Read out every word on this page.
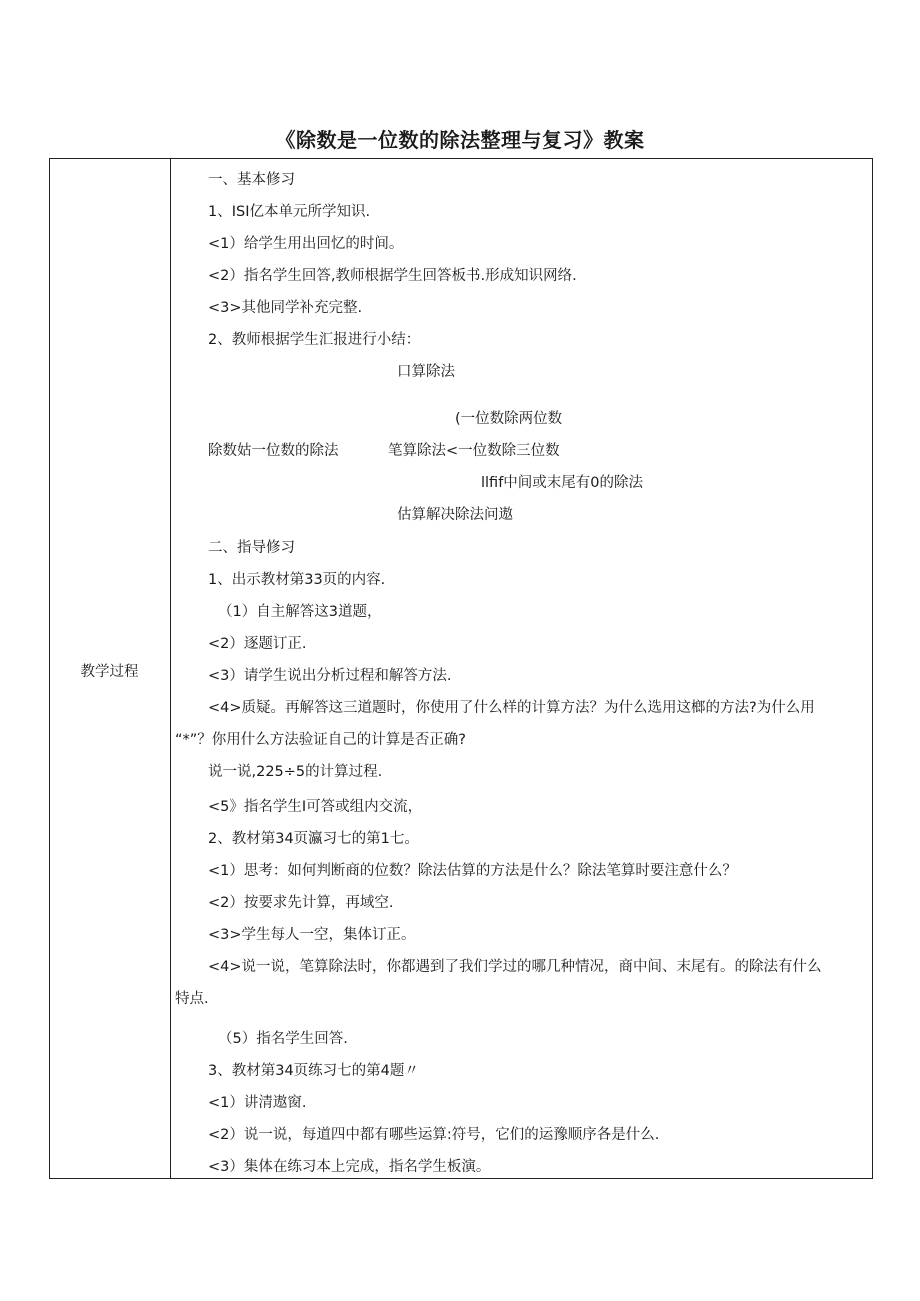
《除数是一位数的除法整理与复习》教案
教学过程
一、基本修习
1、ISI亿本单元所学知识.
<1）给学生用出回忆的时间。
<2）指名学生回答,教师根据学生回答板书.形成知识网络.
<3>其他同学补充完整.
2、教师根据学生汇报进行小结：
口算除法
(一位数除两位数
除数姑一位数的除法	笔算除法<一位数除三位数
llfif中间或末尾有0的除法
估算解决除法问遨
二、指导修习
1、出示教材第33页的内容.
（1）自主解答这3道题，
<2）逐题订正.
<3）请学生说出分析过程和解答方法.
<4>质疑。再解答这三道题时，你使用了什么样的计算方法？为什么选用这榔的方法?为什么用
“*”？你用什么方法验证自己的计算是否正确?
说一说,225÷5的计算过程.
<5》指名学生I可答或组内交流，
2、教材第34页瀛习七的第1七。
<1）思考：如何判断商的位数？除法估算的方法是什么？除法笔算时要注意什么？
<2）按要求先计算，再域空.
<3>学生每人一空，集体订正。
<4>说一说，笔算除法时，你都遇到了我们学过的哪几种情况，商中间、末尾有。的除法有什么
特点.
（5）指名学生回答.
3、教材第34页练习七的第4题〃
<1）讲清遨窗.
<2）说一说，每道四中都有哪些运算:符号，它们的运豫顺序各是什么.
<3）集体在练习本上完成，指名学生板演。
